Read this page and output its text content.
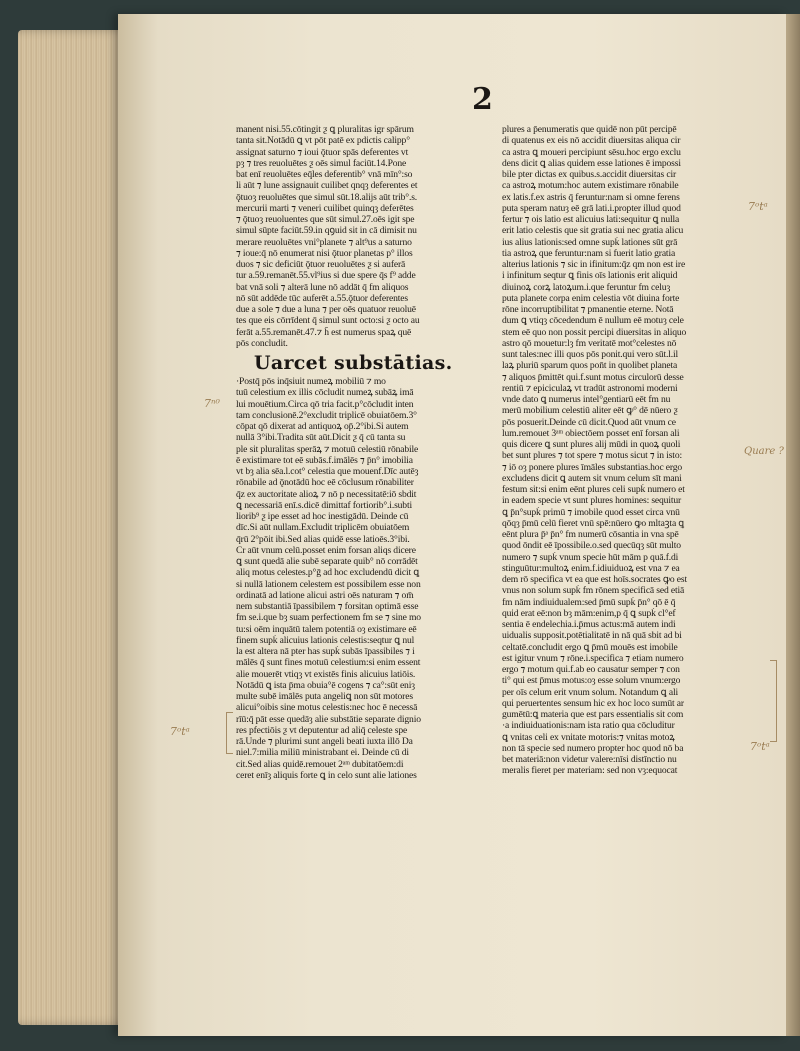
2
manent nisi.55.cōtingit ƺ ꝗ pluralitas igr spārum
tanta sit.Notādū ꝗ vt pōt patē ex pdictis calipp°
assignat saturno ⁊ ioui ǭtuor spās deferentes vt
pȝ ⁊ tres reuoluētes ƺ oēs simul faciūt.14.Pone
bat enī reuoluētes eq̄les deferentib° vnā mīn°:so
li aūt ⁊ lune assignauit cuilibet qnqȝ deferentes et
ǭtuoȝ reuoluētes que simul sūt.18.alijs aūt trib°.s.
mercurii marti ⁊ veneri cuilibet quinqȝ deferētes
⁊ ǭtuoȝ reuoluentes que sūt simul.27.oēs igit spe
simul sūpte faciūt.59.in qꝯuid sit in cā dimisit nu
merare reuoluētes vni°planete ⁊ alt⁹us a saturno
⁊ ioue:q̄ nō enumerat nisi ǭtuor planetas p° illos
duos ⁊ sic deficiūt ǭtuor reuoluētes ƺ si auferā
tur a.59.remanēt.55.vl⁹ius si due spere q̄s f⁹ adde
bat vnā soli ⁊ alterā lune nō addāt q̄ fm aliquos
nō sūt addēde tūc auferēt a.55.ǭtuor deferentes
due a sole ⁊ due a luna ⁊ per oēs quatuor reuoluē
tes que eis cōrrīdent q̄ simul sunt octo:si ƺ octo au
ferāt a.55.remanēt.47.⁊ h̄ est numerus spaꝝ quē
pōs concludit.
Uarcet substātias.
·Postq̄ pōs inq̄siuit numeꝝ mobiliū ⁊ mo
tuū celestium ex illis cōcludit numeꝝ subāꝝ imā
lui mouētium.Circa qō tria facit.p°cōcludit inten
tam conclusionē.2°excludit triplicē obuiatōem.3°
cōpat qō dixerat ad antiquoꝝ op̄.2°ibi.Si autem
nullā 3°ibi.Tradita sūt aūt.Dicit ƺ q̄ cū tanta su
ple sit pluralitas sperāꝝ ⁊ motuū celestiū rōnabile
ē existimare tot eē subās.f.imālēs ⁊ p̄n° imobilia
vt bȝ alia sēa.l.cot° celestia que mouenf.Dīc autēȝ
rōnabile ad ǭnotādū hoc eē cōclusum rōnabiliter
q̄z ex auctoritate alioꝝ ⁊ nō p necessitatē:iō sbdit
ꝗ necessariā enī.s.dicē dimittaf fortiorib°.i.subti
liorib⁹ ƺ ipe esset ad hoc inestigādū. Deinde cū
dīc.Si aūt nullam.Excludit triplicēm obuiatōem
q̄rū 2°pōit ibi.Sed alias quidē esse latioēs.3°ibi.
Cr aūt vnum celū.posset enim forsan aliqs dicere
ꝗ sunt quedā alie subē separate quib° nō corrādēt
aliq motus celestes.p°ḡ ad hoc excludendū dicit ꝗ
si nullā lationem celestem est possibilem esse non
ordinatā ad latione alicui astri oēs naturam ⁊ om̄
nem substantiā īpassibilem ⁊ forsitan optimā esse
fm se.i.que bȝ suam perfectionem fm se ⁊ sine mo
tu:si oēm inquātū talem potentiā oȝ existimare eē
finem supḱ alicuius lationis celestis:seqtur ꝗ nul
la est altera nā pter has supḱ subās īpassibiles ⁊ i
mālēs q̄ sunt fines motuū celestium:si enim essent
alie mouerēt vtiqȝ vt existēs finis alicuius latiōis.
Notādū ꝗ ista p̄ma obuia°ē cogens ⁊ ca°:sūt eniȝ
multe subē imālēs puta angeliꝗ non sūt motores
alicui°oibis sine motus celestis:nec hoc ē necessā
rīū:q̄ pāt esse quedāȝ alie substātie separate dignio
res pfectiōis ƺ vt deputentur ad aliq̄ celeste spe
rā.Unde ⁊ plurimi sunt angeli beati iuxta illō Da
niel.7:milia miliū ministrabant ei. Deinde cū di
cit.Sed alias quidē.remouet 2ᵃᵐ dubitatōem:di
ceret enīȝ aliquis forte ꝗ in celo sunt alie lationes
plures a p̄enumeratis que quidē non pūt percipē
di quatenus ex eis nō accidit diuersitas aliqua cir
ca astra ꝗ moueri percipiunt sēsu.hoc ergo exclu
dens dicit ꝗ alias quidem esse lationes ē impossi
bile pter dictas ex quibus.s.accidit diuersitas cir
ca astroꝝ motum:hoc autem existimare rōnabile
ex latis.f.ex astris q̄ feruntur:nam si omne ferens
puta speram natuȝ eē grā lati.i.propter illud quod
fertur ⁊ ois latio est alicuius lati:sequitur ꝗ nulla
erit latio celestis que sit gratia sui nec gratia alicu
ius alius lationis:sed omne supḱ lationes sūt grā
tia astroꝝ que feruntur:nam si fuerit latio gratia
alterius lationis ⁊ sic in ifinitum:q̄z qm non est ire
i infinitum seqtur ꝗ finis oīs lationis erit aliquid
diuinoꝝ corꝝ latoꝝum.i.que feruntur fm celuȝ
puta planete corpa enim celestia vōt diuina forte
rōne incorruptibilitat ⁊ pmanentie eterne. Notā
dum ꝗ vtiqȝ cōcedendum ē nullum eē motuȝ cele
stem eē quo non possit percipi diuersitas in aliquo
astro qō mouetur:lȝ fm veritatē mot°celestes nō
sunt tales:nec illi quos pōs ponit.qui vero sūt.l.il
laꝝ pluriū sparum quos pon̄t in quolibet planeta
⁊ aliquos p̄mittēt qui.f.sunt motus circulorū desse
rentiū ⁊ epiciculaꝝ vt tradūt astronomi moderni
vnde dato ꝗ numerus intel°gentiarū eēt fm nu
merū mobilium celestiū aliter eēt ꝙ° dē nūero ƺ
pōs posuerit.Deinde cū dicit.Quod aūt vnum ce
lum.remouet 3ᵃᵐ obiectōem posset enī forsan ali
quis dicere ꝗ sunt plures alij mūdi in quoꝝ quoli
bet sunt plures ⁊ tot spere ⁊ motus sicut ⁊ in isto:
⁊ iō oȝ ponere plures īmāles substantias.hoc ergo
excludens dicit ꝗ autem sit vnum celum sīt mani
festum sit:si enim eēnt plures celi supḱ numero et
in eadem specie vt sunt plures homines: sequitur
ꝗ p̄n°supḱ primū ⁊ imobile quod esset circa vnū
qōqȝ p̄mū celū fieret vnū spē:nūero ꝙo mltaꝫta ꝗ
eēnt plura p̄ᵃ p̄n° fm numerū cōsantia in vna spē
quod ōndit eē īpossibile.o.sed quecūqȝ sūt multo
numero ⁊ supḱ vnum specie hūt mām p quā.f.di
stinguūtur:multoꝝ enim.f.idiuiduoꝝ est vna ⁊ ea
dem rō specifica vt ea que est hoīs.socrates ꝙo est
vnus non solum supḱ fm rōnem specificā sed etiā
fm nām indiuidualem:sed p̄mū supḱ p̄n° qō ē q̄
quid erat eē:non bȝ mām:enim,p q̄ ꝗ supḱ cl°ef
sentia ē endelechia.i.p̄mus actus:mā autem indi
uidualis supposit.potētialitatē in nā quā sbit ad bi
celtatē.concludit ergo ꝗ p̄mū mouēs est imobile
est igitur vnum ⁊ rōne.i.specifica ⁊ etiam numero
ergo ⁊ motum qui.f.ab eo causatur semper ⁊ con
ti° qui est p̄mus motus:oȝ esse solum vnum:ergo
per oīs celum erit vnum solum. Notandum ꝗ ali
qui peruertentes sensum hic ex hoc loco sumūt ar
gumētū:ꝗ materia que est pars essentialis sit com
·a indiuiduationis:nam ista ratio qua cōcluditur
ꝗ vnitas celi ex vnitate motoris:⁊ vnitas motoꝝ
non tā specie sed numero propter hoc quod nō ba
bet materiā:non videtur valere:nīsi distīnctio nu
meralis fieret per materiam: sed non vȝ:equocat
7ⁿ⁰
7ᵒtᵃ
7ᵒtᵃ
Quare ?
7ᵒtᵃ
